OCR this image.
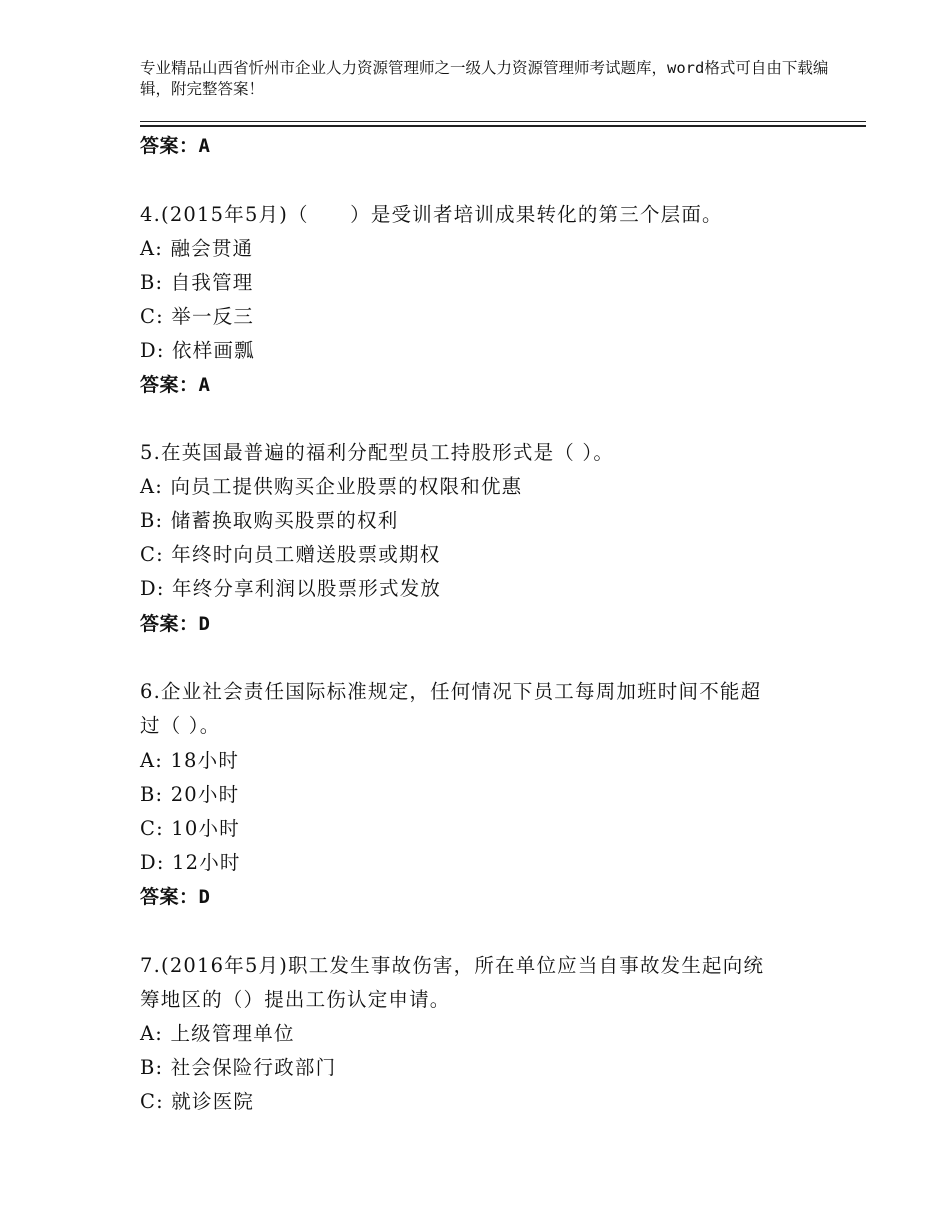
专业精品山西省忻州市企业人力资源管理师之一级人力资源管理师考试题库，word格式可自由下载编辑，附完整答案！
答案：A
4.(2015年5月)（　　）是受训者培训成果转化的第三个层面。
A: 融会贯通
B: 自我管理
C: 举一反三
D: 依样画瓢
答案：A
5.在英国最普遍的福利分配型员工持股形式是（ ）。
A: 向员工提供购买企业股票的权限和优惠
B: 储蓄换取购买股票的权利
C: 年终时向员工赠送股票或期权
D: 年终分享利润以股票形式发放
答案：D
6.企业社会责任国际标准规定，任何情况下员工每周加班时间不能超
过（ ）。
A: 18小时
B: 20小时
C: 10小时
D: 12小时
答案：D
7.(2016年5月)职工发生事故伤害，所在单位应当自事故发生起向统
筹地区的（）提出工伤认定申请。
A: 上级管理单位
B: 社会保险行政部门
C: 就诊医院
